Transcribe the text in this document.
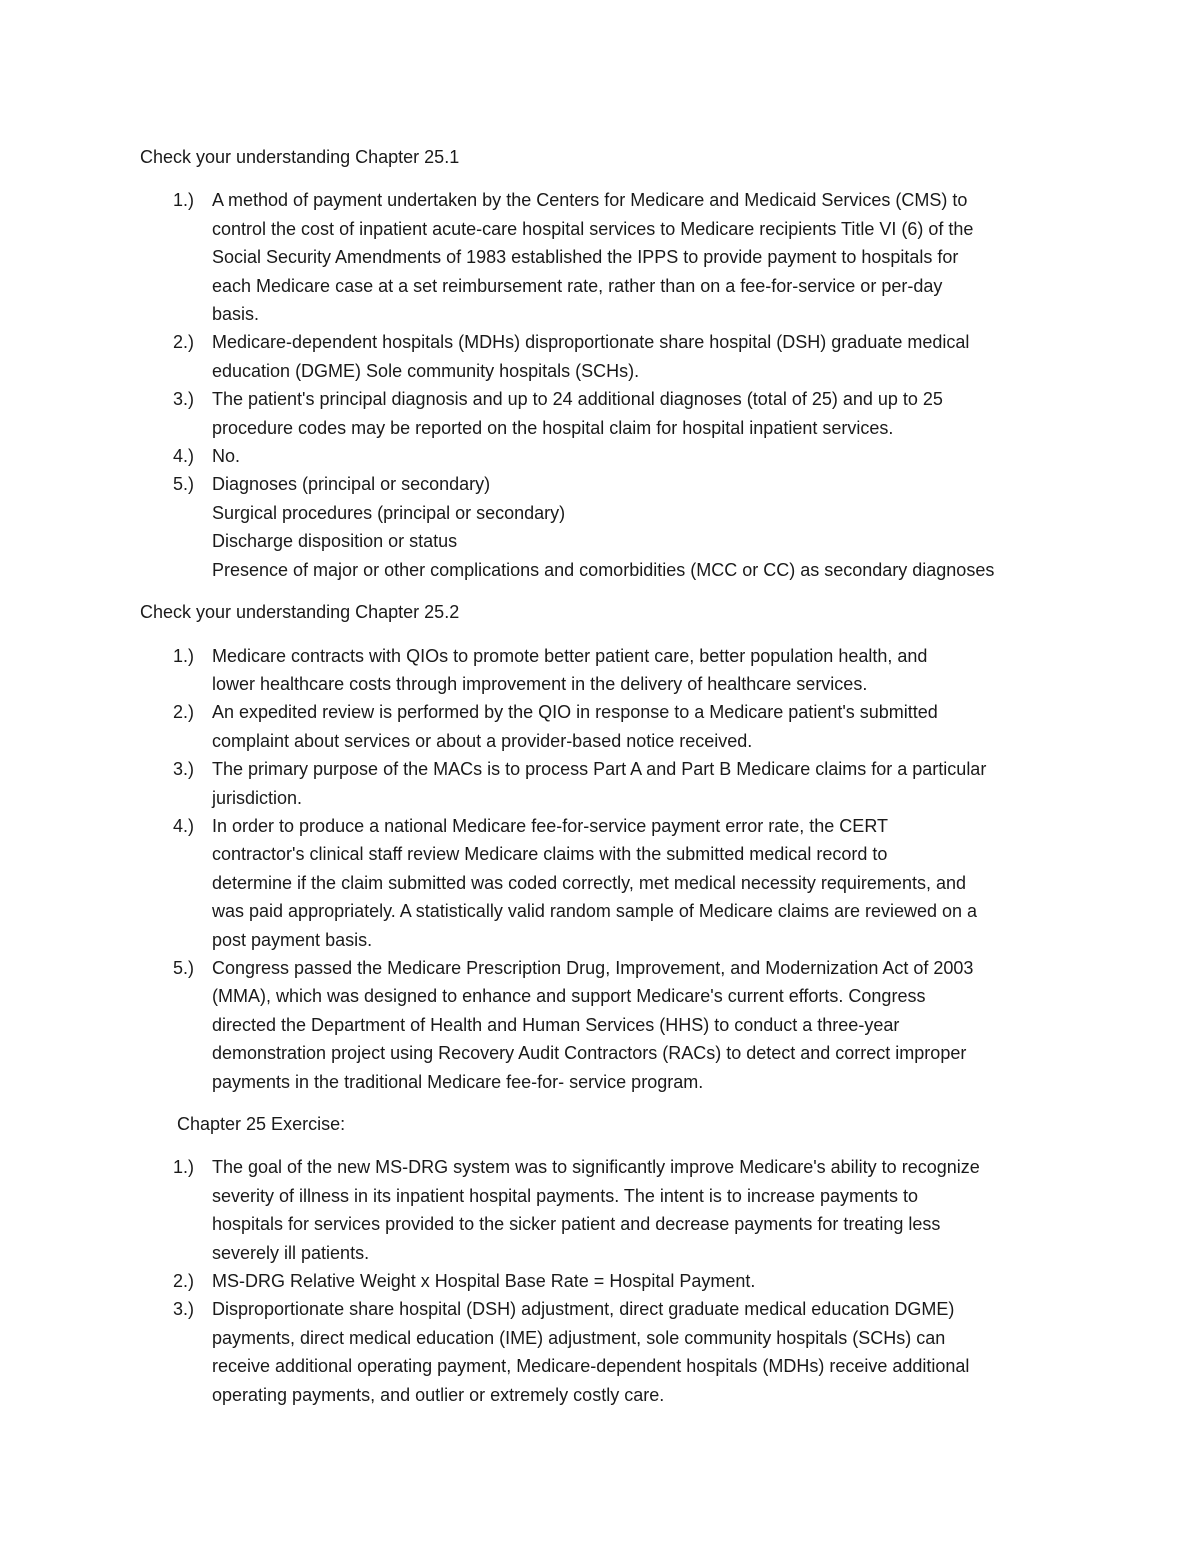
Check your understanding Chapter 25.1

1.) A method of payment undertaken by the Centers for Medicare and Medicaid Services (CMS) to
control the cost of inpatient acute-care hospital services to Medicare recipients Title VI (6) of the
Social Security Amendments of 1983 established the IPPS to provide payment to hospitals for
each Medicare case at a set reimbursement rate, rather than on a fee-for-service or per-day
basis.
2.) Medicare-dependent hospitals (MDHs) disproportionate share hospital (DSH) graduate medical
education (DGME) Sole community hospitals (SCHs).
3.) The patient's principal diagnosis and up to 24 additional diagnoses (total of 25) and up to 25
procedure codes may be reported on the hospital claim for hospital inpatient services.
4.) No.
5.) Diagnoses (principal or secondary)
Surgical procedures (principal or secondary)
Discharge disposition or status
Presence of major or other complications and comorbidities (MCC or CC) as secondary diagnoses

Check your understanding Chapter 25.2

1.) Medicare contracts with QIOs to promote better patient care, better population health, and
lower healthcare costs through improvement in the delivery of healthcare services.
2.) An expedited review is performed by the QIO in response to a Medicare patient's submitted
complaint about services or about a provider-based notice received.
3.) The primary purpose of the MACs is to process Part A and Part B Medicare claims for a particular
jurisdiction.
4.) In order to produce a national Medicare fee-for-service payment error rate, the CERT
contractor's clinical staff review Medicare claims with the submitted medical record to
determine if the claim submitted was coded correctly, met medical necessity requirements, and
was paid appropriately. A statistically valid random sample of Medicare claims are reviewed on a
post payment basis.
5.) Congress passed the Medicare Prescription Drug, Improvement, and Modernization Act of 2003
(MMA), which was designed to enhance and support Medicare's current efforts. Congress
directed the Department of Health and Human Services (HHS) to conduct a three-year
demonstration project using Recovery Audit Contractors (RACs) to detect and correct improper
payments in the traditional Medicare fee-for- service program.

Chapter 25 Exercise:

1.) The goal of the new MS-DRG system was to significantly improve Medicare's ability to recognize
severity of illness in its inpatient hospital payments. The intent is to increase payments to
hospitals for services provided to the sicker patient and decrease payments for treating less
severely ill patients.
2.) MS-DRG Relative Weight x Hospital Base Rate = Hospital Payment.
3.) Disproportionate share hospital (DSH) adjustment, direct graduate medical education DGME)
payments, direct medical education (IME) adjustment, sole community hospitals (SCHs) can
receive additional operating payment, Medicare-dependent hospitals (MDHs) receive additional
operating payments, and outlier or extremely costly care.
